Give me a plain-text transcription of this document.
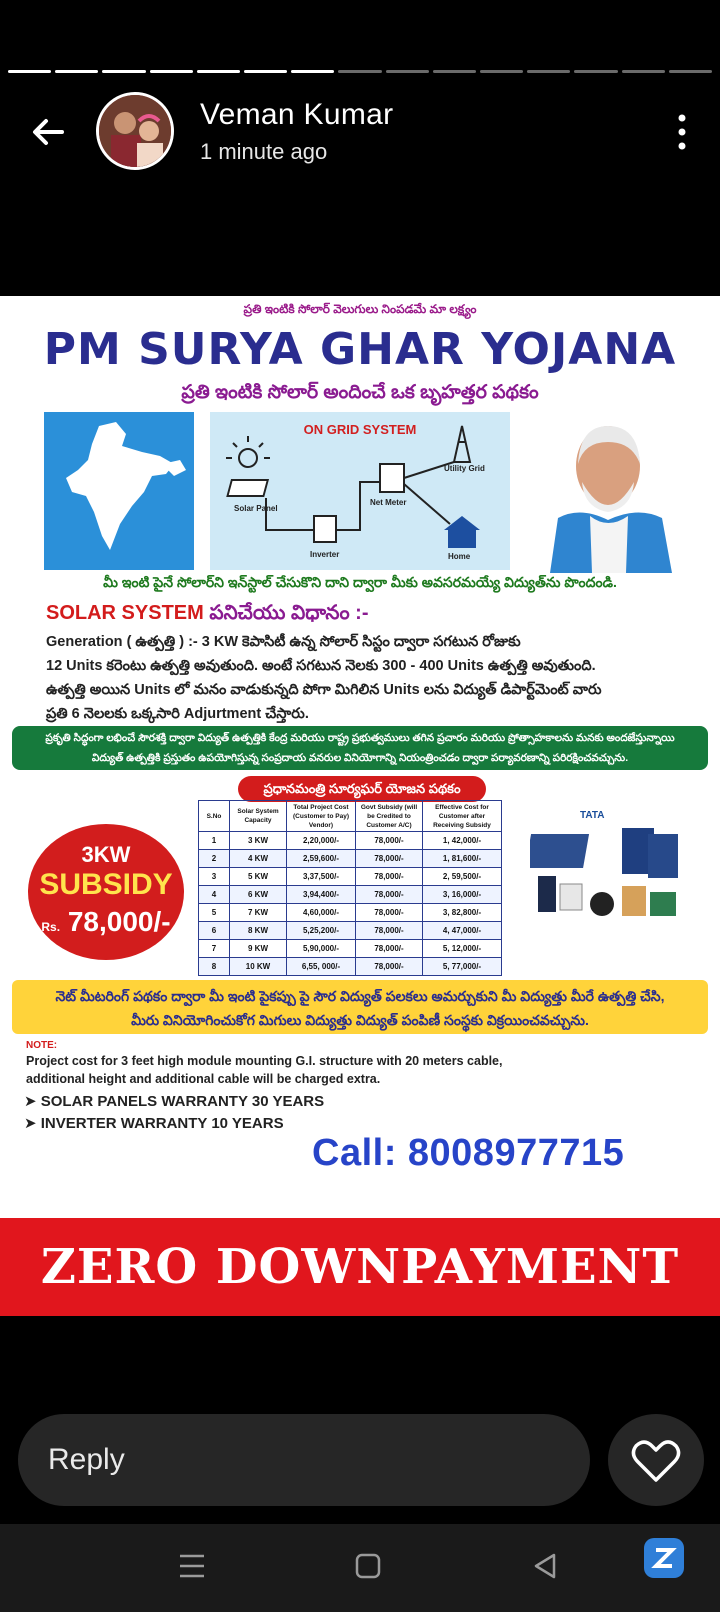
Veman Kumar
1 minute ago
ప్రతి ఇంటికి సోలార్ వెలుగులు నింపడమే మా లక్ష్యం
PM SURYA GHAR YOJANA
ప్రతి ఇంటికి సోలార్ అందించే ఒక బృహత్తర పథకం
ON GRID SYSTEM
Solar Panel
Net Meter
Utility Grid
Inverter	Home
మీ ఇంటి పైనే సోలార్‌ని ఇన్‌స్టాల్ చేసుకొని దాని ద్వారా మీకు అవసరమయ్యే విద్యుత్‌ను పొందండి.
SOLAR SYSTEM పనిచేయు విధానం :-
Generation ( ఉత్పత్తి ) :- 3 KW కెపాసిటీ ఉన్న సోలార్ సిస్టం ద్వారా సగటున రోజుకు
12 Units కరెంటు ఉత్పత్తి అవుతుంది. అంటే సగటున నెలకు 300 - 400 Units ఉత్పత్తి అవుతుంది.
ఉత్పత్తి అయిన Units లో మనం వాడుకున్నది పోగా మిగిలిన Units లను విద్యుత్ డిపార్ట్‌మెంట్ వారు
ప్రతి 6 నెలలకు ఒక్కసారి Adjurtment చేస్తారు.
ప్రకృతి సిద్ధంగా లభించే సౌరశక్తి ద్వారా విద్యుత్ ఉత్పత్తికి కేంద్ర మరియు రాష్ట్ర ప్రభుత్వములు తగిన ప్రచారం మరియు ప్రోత్సాహకాలను మనకు అందజేస్తున్నాయి
విద్యుత్ ఉత్పత్తికి ప్రస్తుతం ఉపయోగిస్తున్న సంప్రదాయ వనరుల వినియోగాన్ని నియంత్రించడం ద్వారా పర్యావరణాన్ని పరిరక్షించవచ్చును.
ప్రధానమంత్రి సూర్యఘర్ యోజన పథకం
3KW
SUBSIDY
Rs. 78,000/-
S.No	Solar System Capacity	Total Project Cost (Customer to Pay) Vendor)	Govt Subsidy (will be Credited to Customer A/C)	Effective Cost for Customer after Receiving Subsidy
1	3 KW	2,20,000/-	78,000/-	1, 42,000/-
2	4 KW	2,59,600/-	78,000/-	1, 81,600/-
3	5 KW	3,37,500/-	78,000/-	2, 59,500/-
4	6 KW	3,94,400/-	78,000/-	3, 16,000/-
5	7 KW	4,60,000/-	78,000/-	3, 82,800/-
6	8 KW	5,25,200/-	78,000/-	4, 47,000/-
7	9 KW	5,90,000/-	78,000/-	5, 12,000/-
8	10 KW	6,55, 000/-	78,000/-	5, 77,000/-
TATA
నెట్ మీటరింగ్ పథకం ద్వారా మీ ఇంటి పైకప్పు పై సౌర విద్యుత్ పలకలు అమర్చుకుని మీ విద్యుత్తు మీరే ఉత్పత్తి చేసి,
మీరు వినియోగించుకోగ మిగులు విద్యుత్తు విద్యుత్ పంపిణీ సంస్థకు విక్రయించవచ్చును.
NOTE:
Project cost for 3 feet high module mounting G.I. structure with 20 meters cable,
additional height and additional cable will be charged extra.
➤ SOLAR PANELS WARRANTY 30 YEARS
➤ INVERTER WARRANTY 10 YEARS
Call: 8008977715
ZERO DOWNPAYMENT
Reply
